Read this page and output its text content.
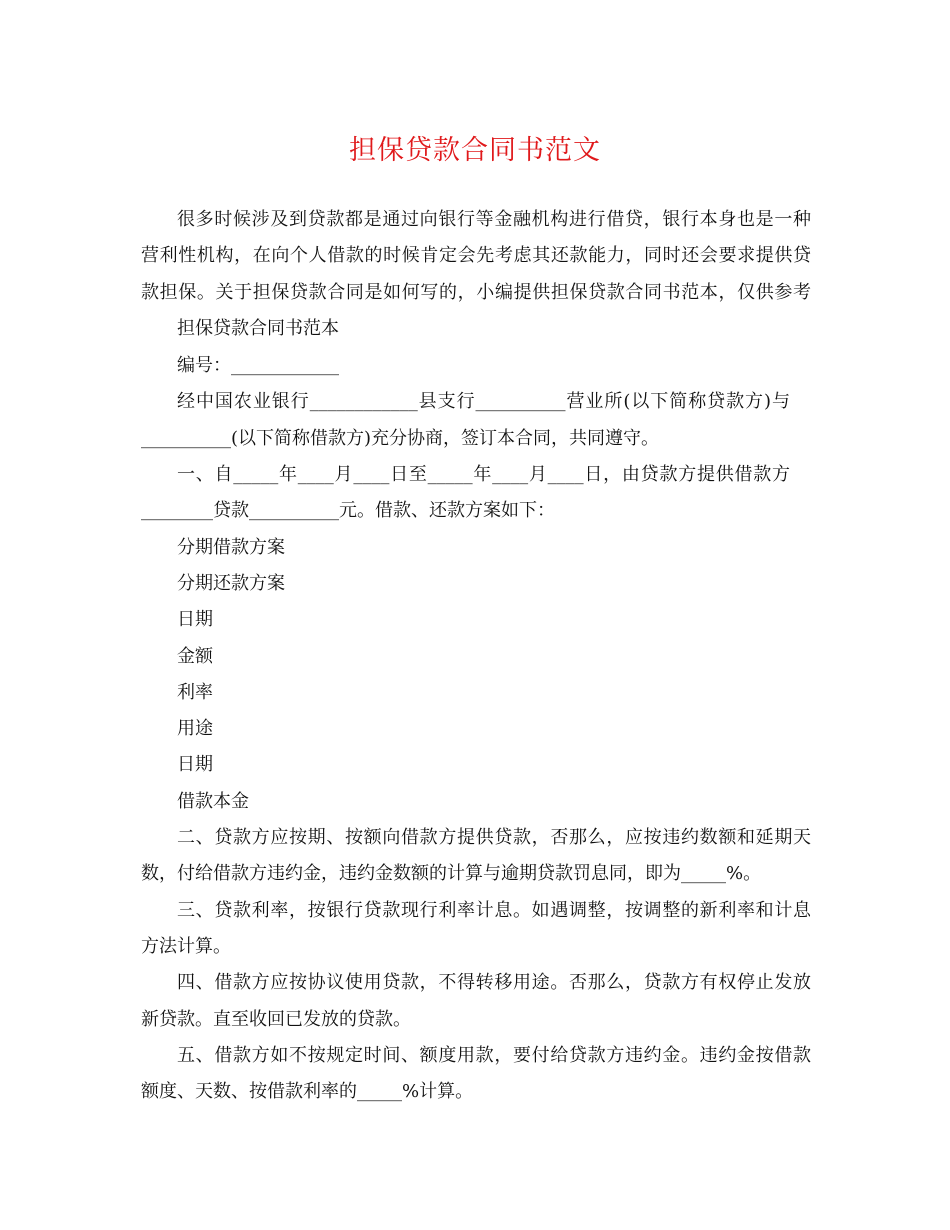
担保贷款合同书范文
很多时候涉及到贷款都是通过向银行等金融机构进行借贷，银行本身也是一种
营利性机构，在向个人借款的时候肯定会先考虑其还款能力，同时还会要求提供贷
款担保。关于担保贷款合同是如何写的，小编提供担保贷款合同书范本，仅供参考
担保贷款合同书范本
编号：____________
经中国农业银行____________县支行__________营业所(以下简称贷款方)与
__________(以下简称借款方)充分协商，签订本合同，共同遵守。
一、自_____年____月____日至_____年____月____日，由贷款方提供借款方
________贷款__________元。借款、还款方案如下：
分期借款方案
分期还款方案
日期
金额
利率
用途
日期
借款本金
二、贷款方应按期、按额向借款方提供贷款，否那么，应按违约数额和延期天
数，付给借款方违约金，违约金数额的计算与逾期贷款罚息同，即为_____%。
三、贷款利率，按银行贷款现行利率计息。如遇调整，按调整的新利率和计息
方法计算。
四、借款方应按协议使用贷款，不得转移用途。否那么，贷款方有权停止发放
新贷款。直至收回已发放的贷款。
五、借款方如不按规定时间、额度用款，要付给贷款方违约金。违约金按借款
额度、天数、按借款利率的_____%计算。
